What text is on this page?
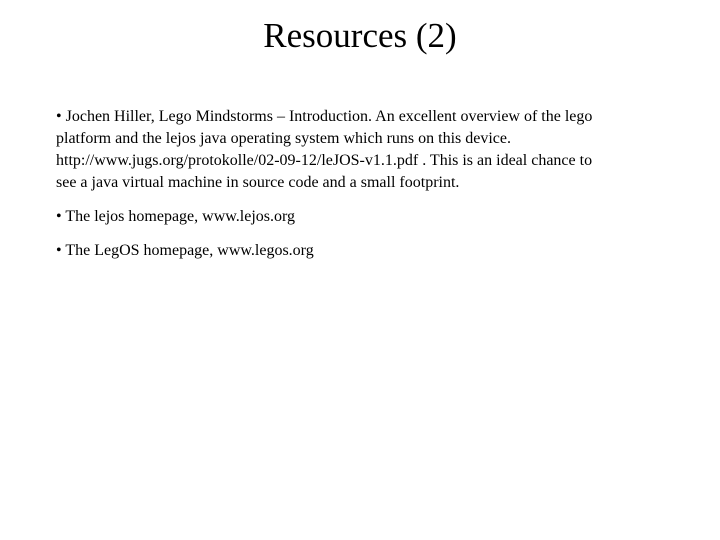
Resources (2)
• Jochen Hiller, Lego Mindstorms – Introduction. An excellent overview of the lego platform and the lejos java operating system which runs on this device. http://www.jugs.org/protokolle/02-09-12/leJOS-v1.1.pdf . This is an ideal chance to see a java virtual machine in source code and a small footprint.
• The lejos homepage, www.lejos.org
• The LegOS homepage, www.legos.org
